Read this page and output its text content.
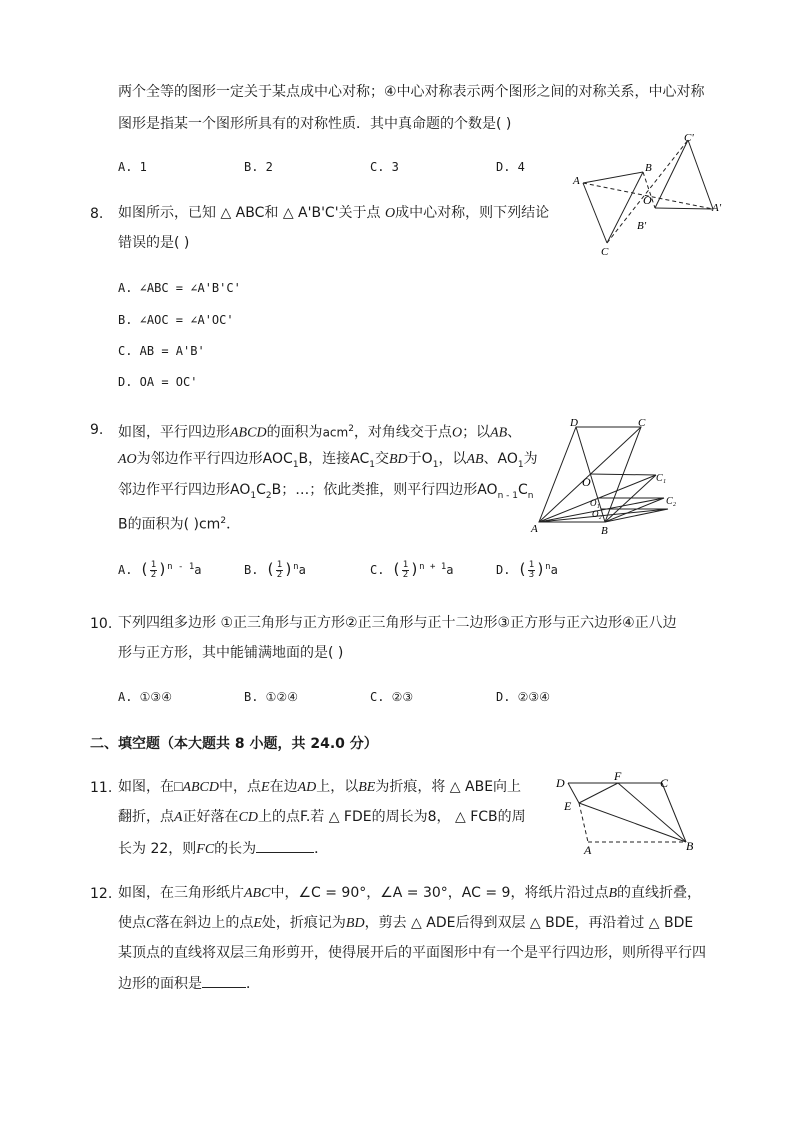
两个全等的图形一定关于某点成中心对称；④中心对称表示两个图形之间的对称关系，中心对称
图形是指某一个图形所具有的对称性质．其中真命题的个数是( )
A. 1	B. 2	C. 3	D. 4
A
B
C
O
A'
B'
C'
8. 如图所示，已知 △ ABC和 △ A'B'C'关于点 O成中心对称，则下列结论
错误的是( )
A. ∠ABC = ∠A'B'C'
B. ∠AOC = ∠A'OC'
C. AB = A'B'
D. OA = OC'
A	B
C
D
O	C₁
C₂
O₁
O₂
9. 如图，平行四边形ABCD的面积为acm$^2$，对角线交于点O；以AB、
AO为邻边作平行四边形$AOC_1B$，连接$AC_1$交BD于$O_1$，以AB、$AO_1$为
邻边作平行四边形$AO_1C_2B$；…；依此类推，则平行四边形$AO_{n - 1}C_n$
B的面积为( )$cm^2$．
A. ( $\frac{1}{2} )^{n - 1}a$	B. ( $\frac{1}{2} )^na$	C. ( $\frac{1}{2} )^{n + 1}a$	D. ( $\frac{1}{3} )^na$
10. 下列四组多边形 ①正三角形与正方形②正三角形与正十二边形③正方形与正六边形④正八边
形与正方形，其中能铺满地面的是( )
A. ①③④	B. ①②④	C. ②③	D. ②③④
二、填空题（本大题共 8 小题，共 24.0 分）
D	F	C
E
A	B
11. 如图，在□ABCD中，点E在边AD上，以BE为折痕，将 △ ABE向上
翻折，点A正好落在CD上的点F.若 △ FDE的周长为8， △ FCB的周
长为 22，则FC的长为	．
12. 如图，在三角形纸片ABC中，∠C = 90°，∠A = 30°，AC = 9，将纸片沿过点B的直线折叠，
使点C落在斜边上的点E处，折痕记为BD，剪去 △ ADE后得到双层 △ BDE，再沿着过 △ BDE
某顶点的直线将双层三角形剪开，使得展开后的平面图形中有一个是平行四边形，则所得平行四
边形的面积是	．
